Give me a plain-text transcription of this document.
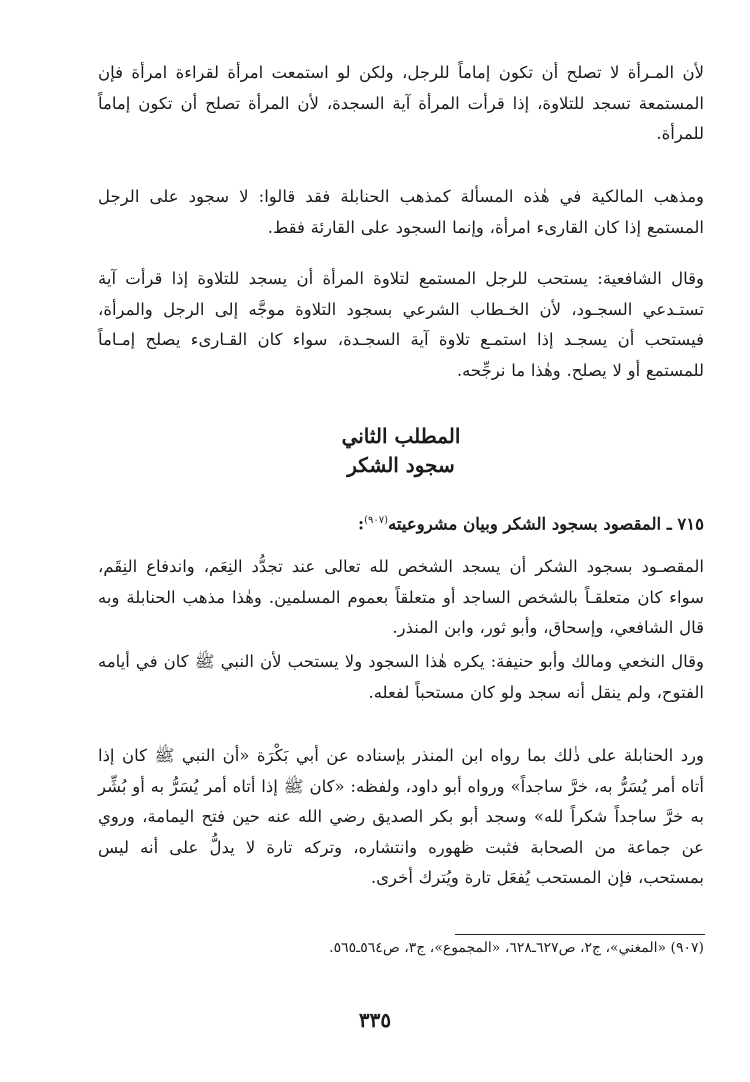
لأن المـرأة لا تصلح أن تكون إماماً للرجل، ولكن لو استمعت امرأة لقراءة امرأة فإن المستمعة تسجد للتلاوة، إذا قرأت المرأة آية السجدة، لأن المرأة تصلح أن تكون إماماً للمرأة.

ومذهب المالكية في هٰذه المسألة كمذهب الحنابلة فقد قالوا: لا سجود على الرجل المستمع إذا كان القارىء امرأة، وإنما السجود على القارئة فقط.

وقال الشافعية: يستحب للرجل المستمع لتلاوة المرأة أن يسجد للتلاوة إذا قرأت آية تستـدعي السجـود، لأن الخـطاب الشرعي بسجود التلاوة موجَّه إلى الرجل والمرأة، فيستحب أن يسجـد إذا استمـع تلاوة آية السجـدة، سواء كان القـارىء يصلح إمـاماً للمستمع أو لا يصلح. وهٰذا ما نرجِّحه.

المطلب الثاني
سجود الشكر
٧١٥ ـ المقصود بسجود الشكر وبيان مشروعيته$^{(٩٠٧)}$:

المقصـود بسجود الشكر أن يسجد الشخص لله تعالى عند تجدُّد النِعَم، واندفاع النِقَم، سواء كان متعلقـاً بالشخص الساجد أو متعلقاً بعموم المسلمين. وهٰذا مذهب الحنابلة وبه قال الشافعي، وإسحاق، وأبو ثور، وابن المنذر.

وقال النخعي ومالك وأبو حنيفة: يكره هٰذا السجود ولا يستحب لأن النبي ﷺ كان في أيامه الفتوح، ولم ينقل أنه سجد ولو كان مستحباً لفعله.

ورد الحنابلة على ذٰلك بما رواه ابن المنذر بإسناده عن أبي بَكْرَة «أن النبي ﷺ كان إذا أتاه أمر يُسَرُّ به، خرَّ ساجداً» ورواه أبو داود، ولفظه: «كان ﷺ إذا أتاه أمر يُسَرُّ به أو بُشِّر به خرَّ ساجداً شكراً لله» وسجد أبو بكر الصديق رضي الله عنه حين فتح اليمامة، وروي عن جماعة من الصحابة فثبت ظهوره وانتشاره، وتركه تارة لا يدلُّ على أنه ليس بمستحب، فإن المستحب يُفعَل تارة ويُترك أخرى.

(٩٠٧) «المغني»، ج٢، ص٦٢٧ـ٦٢٨، «المجموع»، ج٣، ص٥٦٤ـ٥٦٥.
٣٣٥
